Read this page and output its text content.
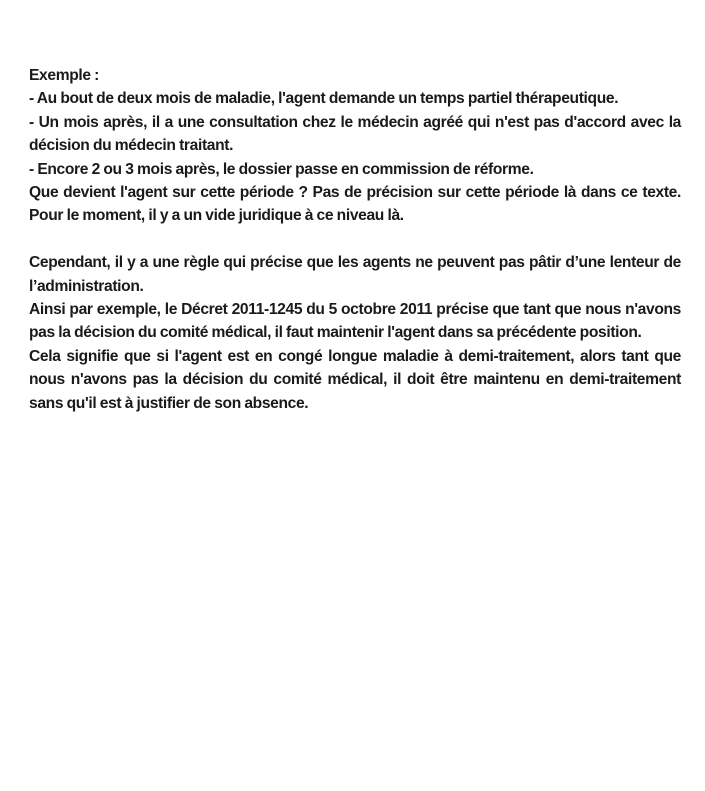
Exemple :

- Au bout de deux mois de maladie, l'agent demande un temps partiel thérapeutique.

- Un mois après, il a une consultation chez le médecin agréé qui n'est pas d'accord avec la décision du médecin traitant.

- Encore 2 ou 3 mois après, le dossier passe en commission de réforme.

Que devient l'agent sur cette période ? Pas de précision sur cette période là dans ce texte. Pour le moment, il y a un vide juridique à ce niveau là.

Cependant, il y a une règle qui précise que les agents ne peuvent pas pâtir d’une lenteur de l’administration.

Ainsi par exemple, le Décret 2011-1245 du 5 octobre 2011 précise que tant que nous n'avons pas la décision du comité médical, il faut maintenir l'agent dans sa précédente position.

Cela signifie que si l'agent est en congé longue maladie à demi-traitement, alors tant que nous n'avons pas la décision du comité médical, il doit être maintenu en demi-traitement sans qu'il est à justifier de son absence.
